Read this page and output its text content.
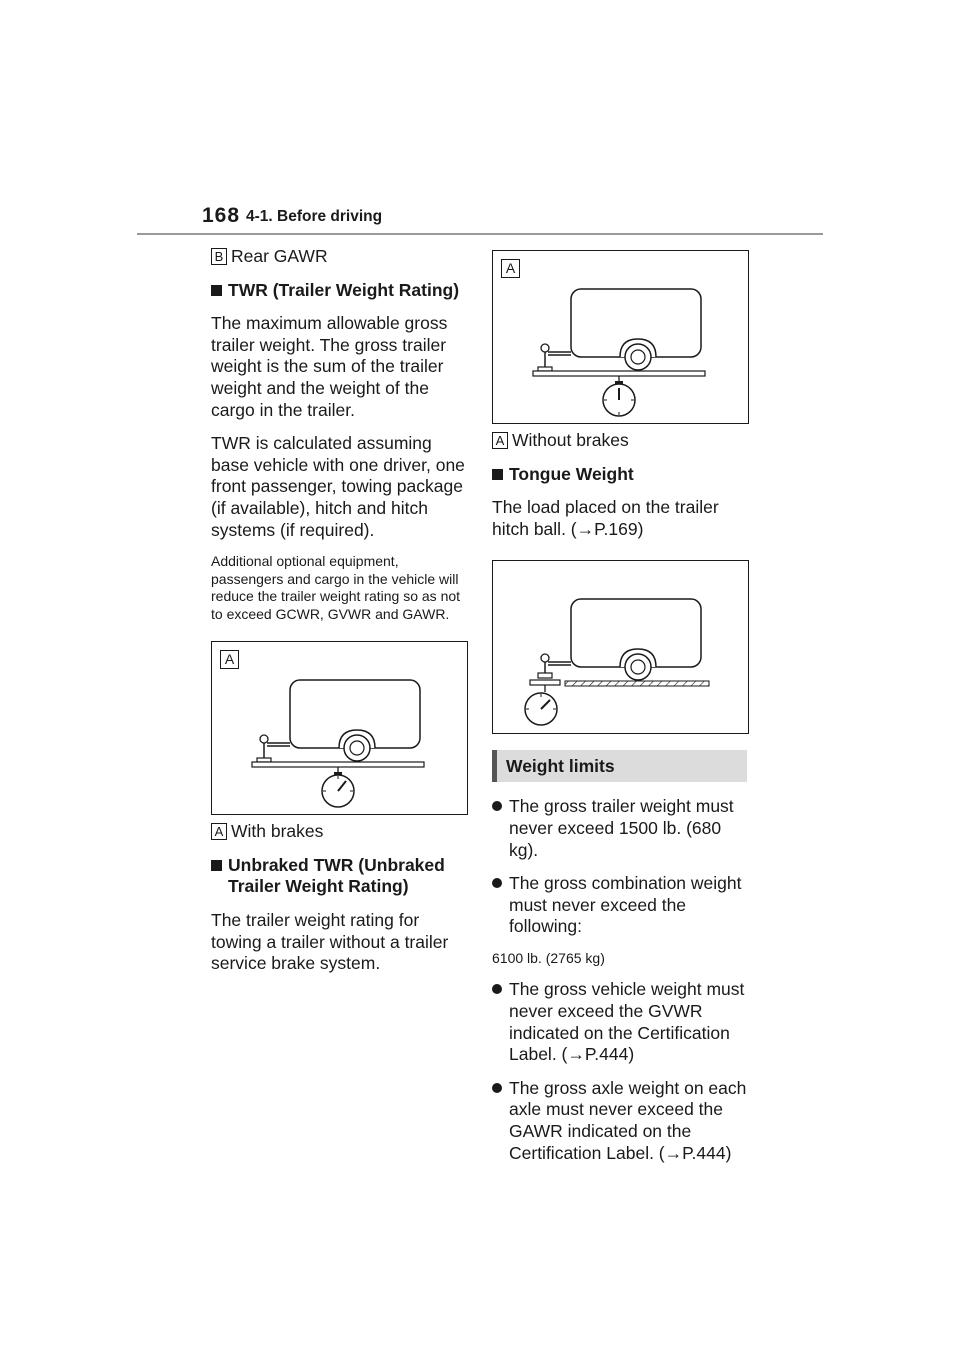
168 4-1. Before driving

B Rear GAWR

TWR (Trailer Weight Rating)

The maximum allowable gross trailer weight. The gross trailer weight is the sum of the trailer weight and the weight of the cargo in the trailer.

TWR is calculated assuming base vehicle with one driver, one front passenger, towing package (if available), hitch and hitch systems (if required).

Additional optional equipment, passengers and cargo in the vehicle will reduce the trailer weight rating so as not to exceed GCWR, GVWR and GAWR.

A

A With brakes

Unbraked TWR (Unbraked Trailer Weight Rating)

The trailer weight rating for towing a trailer without a trailer service brake system.

A

A Without brakes

Tongue Weight

The load placed on the trailer hitch ball. (→P.169)

Weight limits

The gross trailer weight must never exceed 1500 lb. (680 kg).

The gross combination weight must never exceed the following:

6100 lb. (2765 kg)

The gross vehicle weight must never exceed the GVWR indicated on the Certification Label. (→P.444)

The gross axle weight on each axle must never exceed the GAWR indicated on the Certification Label. (→P.444)
